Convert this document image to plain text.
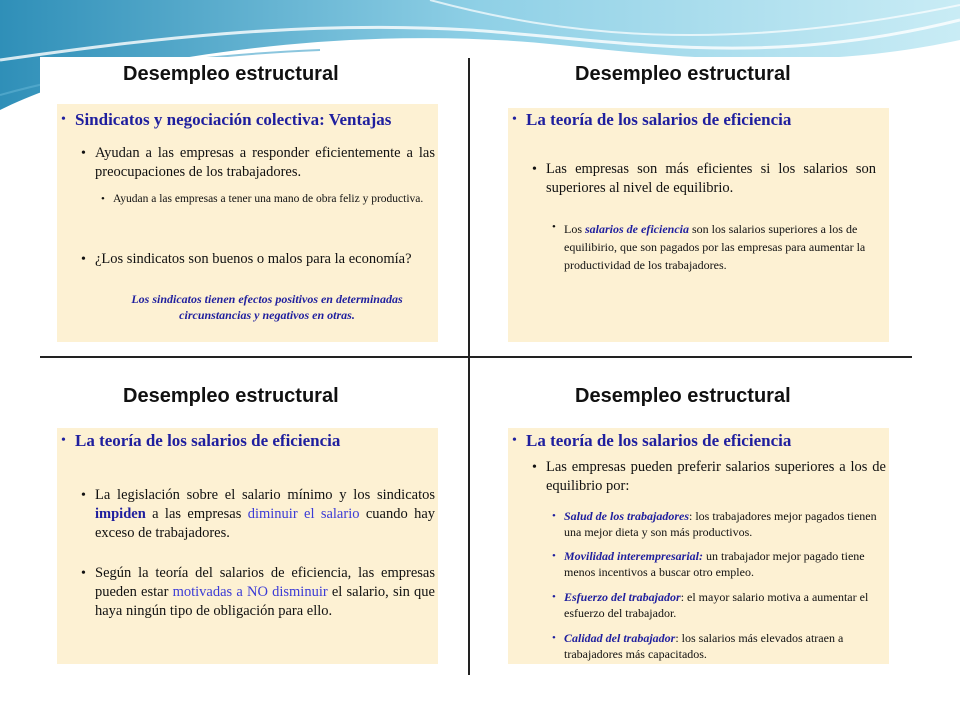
Desempleo estructural
• Sindicatos y negociación colectiva: Ventajas
• Ayudan a las empresas a responder eficientemente a las preocupaciones de los trabajadores.
• Ayudan a las empresas a tener una mano de obra feliz y productiva.
• ¿Los sindicatos son buenos o malos para la economía?
Los sindicatos tienen efectos positivos en determinadas circunstancias y negativos en otras.
Desempleo estructural
• La teoría de los salarios de eficiencia
• Las empresas son más eficientes si los salarios son superiores al nivel de equilibrio.
• Los salarios de eficiencia son los salarios superiores a los de equilibirio, que son pagados por las empresas para aumentar la productividad de los trabajadores.
Desempleo estructural
• La teoría de los salarios de eficiencia
• La legislación sobre el salario mínimo y los sindicatos impiden a las empresas diminuir el salario cuando hay exceso de trabajadores.
• Según la teoría del salarios de eficiencia, las empresas pueden estar motivadas a NO disminuir el salario, sin que haya ningún tipo de obligación para ello.
Desempleo estructural
• La teoría de los salarios de eficiencia
• Las empresas pueden preferir salarios superiores a los de equilibrio por:
• Salud de los trabajadores: los trabajadores mejor pagados tienen una mejor dieta y son más productivos.
• Movilidad interempresarial: un trabajador mejor pagado tiene menos incentivos a buscar otro empleo.
• Esfuerzo del trabajador: el mayor salario motiva a aumentar el esfuerzo del trabajador.
• Calidad del trabajador: los salarios más elevados atraen a trabajadores más capacitados.
